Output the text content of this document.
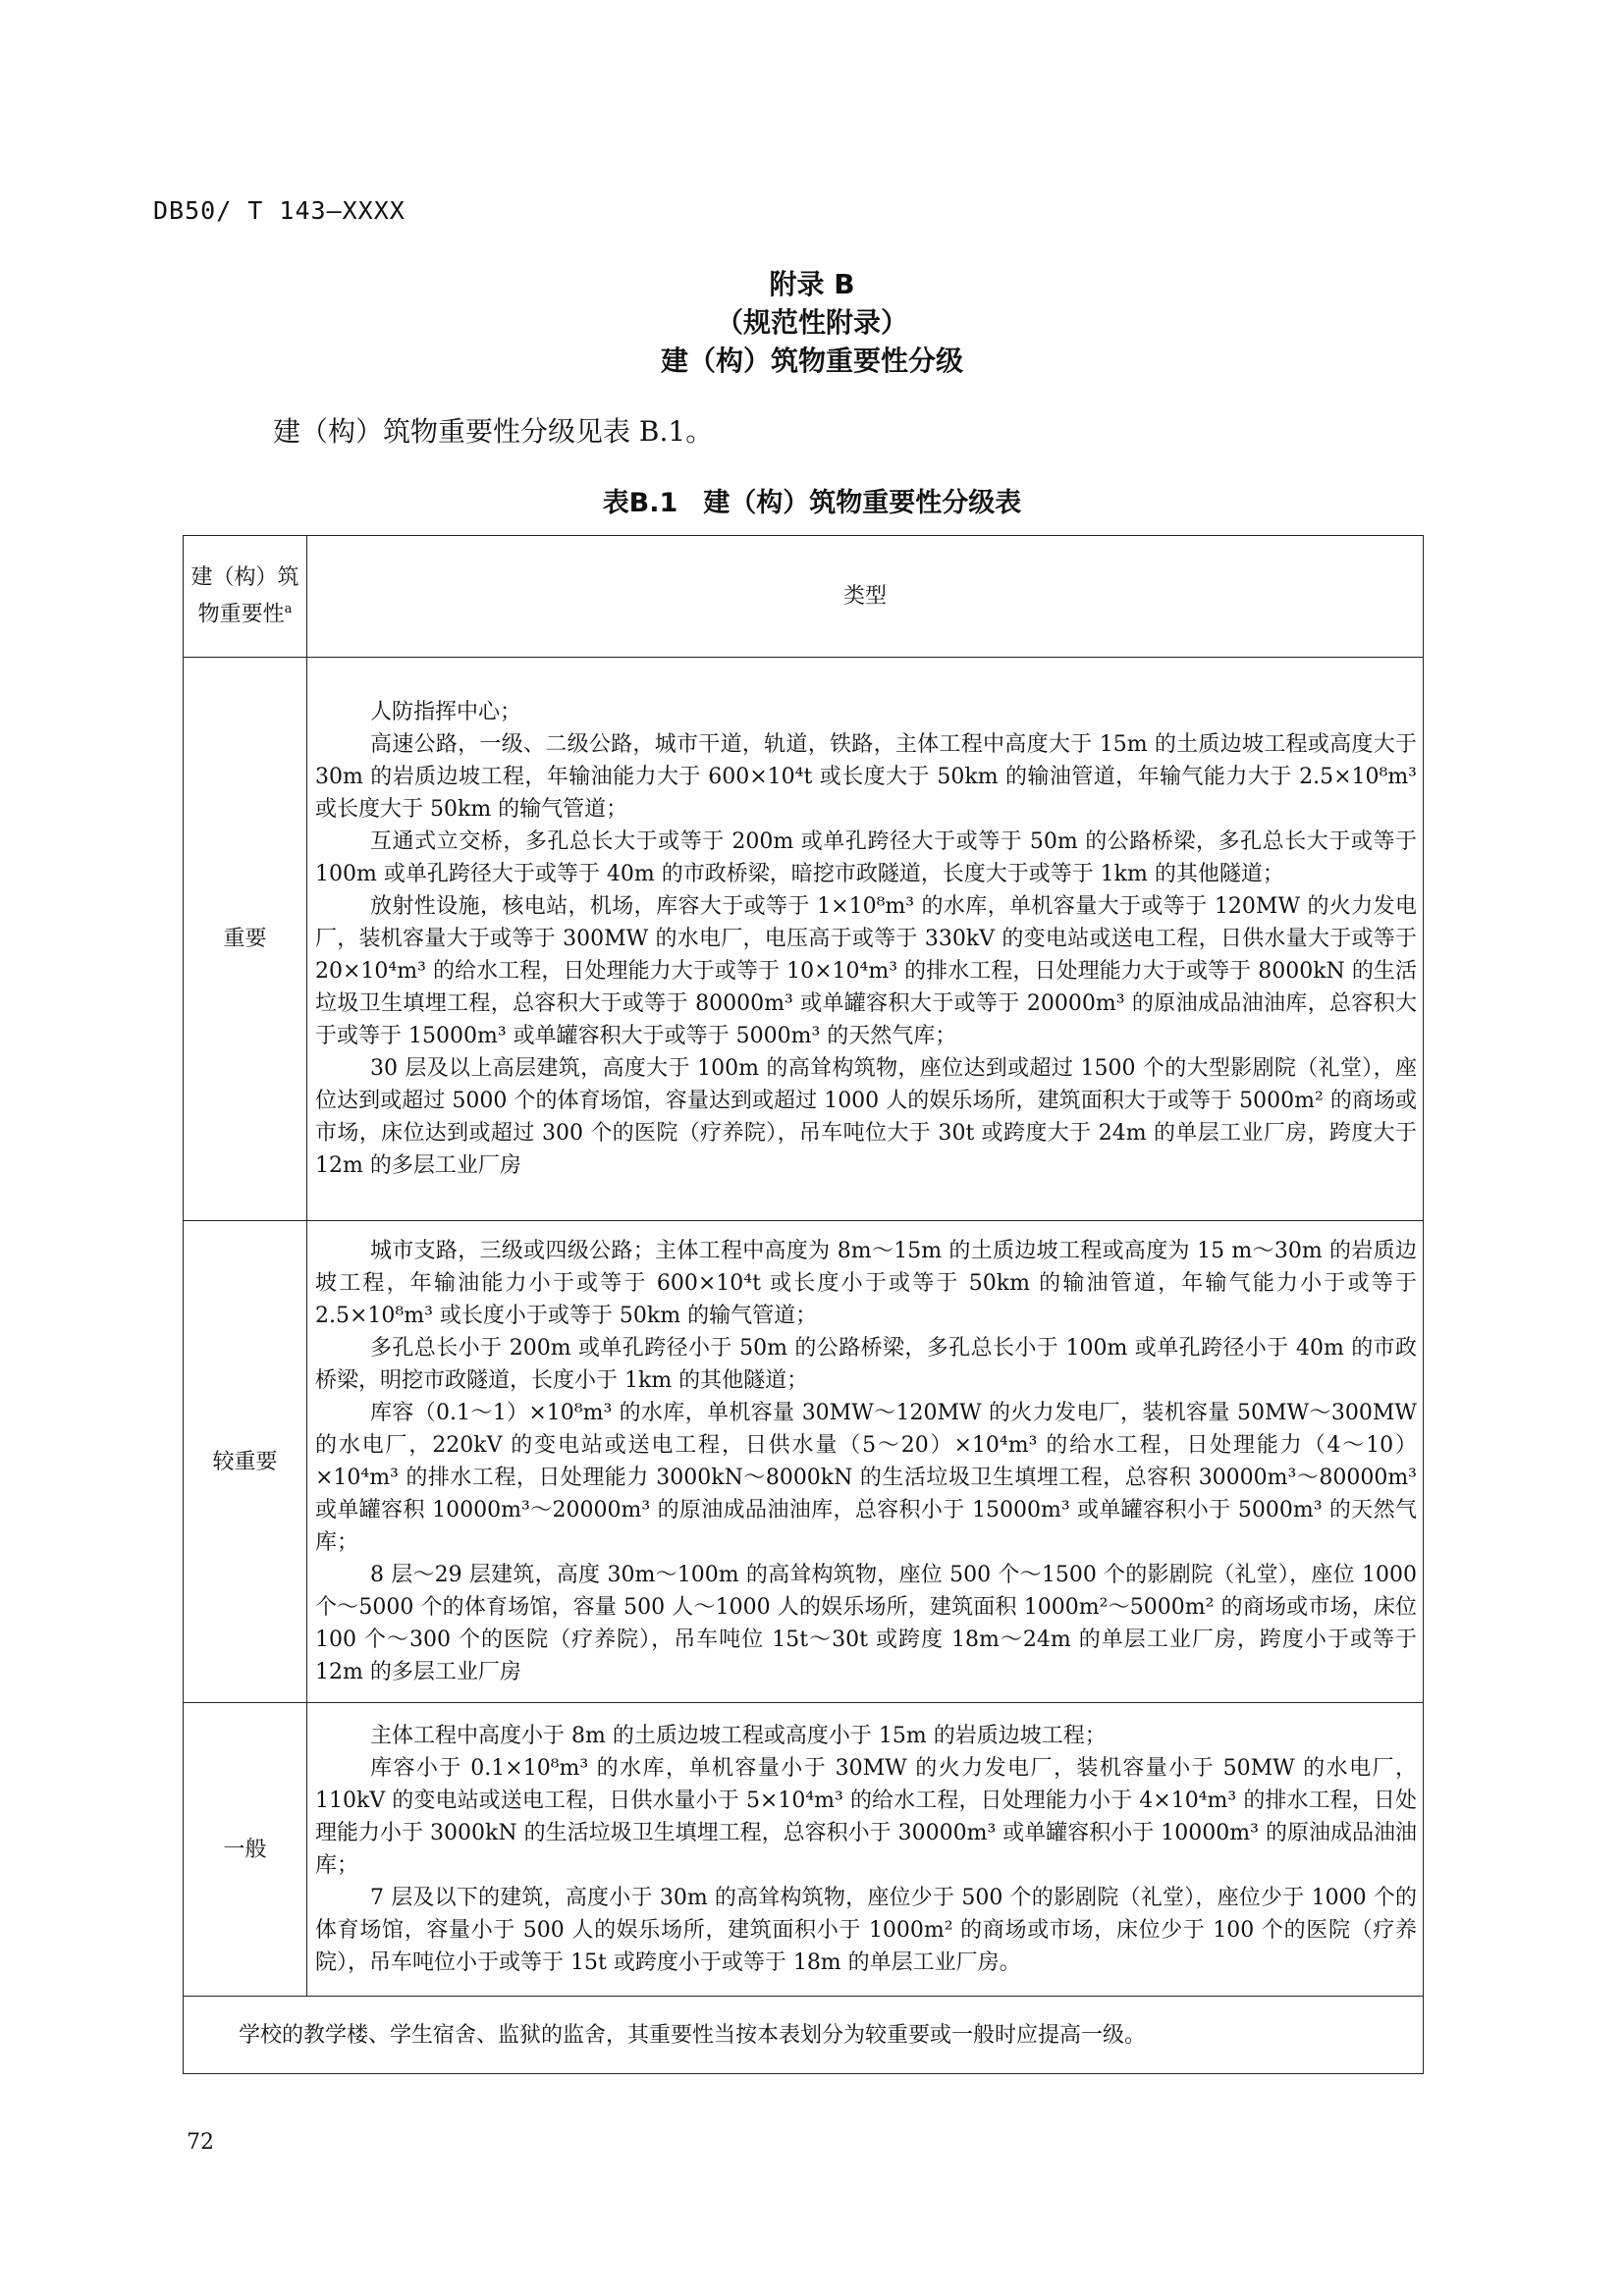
DB50/ T 143—XXXX
附录 B
（规范性附录）
建（构）筑物重要性分级
建（构）筑物重要性分级见表 B.1。
表B.1 建（构）筑物重要性分级表
建（构）筑物重要性$^a$	类型
重要	人防指挥中心；

高速公路，一级、二级公路，城市干道，轨道，铁路，主体工程中高度大于 15m 的土质边坡工程或高度大于 30m 的岩质边坡工程，年输油能力大于 600×10⁴t 或长度大于 50km 的输油管道，年输气能力大于 2.5×10⁸m³ 或长度大于 50km 的输气管道；

互通式立交桥，多孔总长大于或等于 200m 或单孔跨径大于或等于 50m 的公路桥梁，多孔总长大于或等于 100m 或单孔跨径大于或等于 40m 的市政桥梁，暗挖市政隧道，长度大于或等于 1km 的其他隧道；

放射性设施，核电站，机场，库容大于或等于 1×10⁸m³ 的水库，单机容量大于或等于 120MW 的火力发电厂，装机容量大于或等于 300MW 的水电厂，电压高于或等于 330kV 的变电站或送电工程，日供水量大于或等于 20×10⁴m³ 的给水工程，日处理能力大于或等于 10×10⁴m³ 的排水工程，日处理能力大于或等于 8000kN 的生活垃圾卫生填埋工程，总容积大于或等于 80000m³ 或单罐容积大于或等于 20000m³ 的原油成品油油库，总容积大于或等于 15000m³ 或单罐容积大于或等于 5000m³ 的天然气库；

30 层及以上高层建筑，高度大于 100m 的高耸构筑物，座位达到或超过 1500 个的大型影剧院（礼堂），座位达到或超过 5000 个的体育场馆，容量达到或超过 1000 人的娱乐场所，建筑面积大于或等于 5000m² 的商场或市场，床位达到或超过 300 个的医院（疗养院），吊车吨位大于 30t 或跨度大于 24m 的单层工业厂房，跨度大于 12m 的多层工业厂房

较重要	城市支路，三级或四级公路；主体工程中高度为 8m～15m 的土质边坡工程或高度为 15 m～30m 的岩质边坡工程，年输油能力小于或等于 600×10⁴t 或长度小于或等于 50km 的输油管道，年输气能力小于或等于 2.5×10⁸m³ 或长度小于或等于 50km 的输气管道；

多孔总长小于 200m 或单孔跨径小于 50m 的公路桥梁，多孔总长小于 100m 或单孔跨径小于 40m 的市政桥梁，明挖市政隧道，长度小于 1km 的其他隧道；

库容（0.1～1）×10⁸m³ 的水库，单机容量 30MW～120MW 的火力发电厂，装机容量 50MW～300MW 的水电厂，220kV 的变电站或送电工程，日供水量（5～20）×10⁴m³ 的给水工程，日处理能力（4～10）×10⁴m³ 的排水工程，日处理能力 3000kN～8000kN 的生活垃圾卫生填埋工程，总容积 30000m³～80000m³ 或单罐容积 10000m³～20000m³ 的原油成品油油库，总容积小于 15000m³ 或单罐容积小于 5000m³ 的天然气库；

8 层～29 层建筑，高度 30m～100m 的高耸构筑物，座位 500 个～1500 个的影剧院（礼堂），座位 1000 个～5000 个的体育场馆，容量 500 人～1000 人的娱乐场所，建筑面积 1000m²～5000m² 的商场或市场，床位 100 个～300 个的医院（疗养院），吊车吨位 15t～30t 或跨度 18m～24m 的单层工业厂房，跨度小于或等于 12m 的多层工业厂房

一般	主体工程中高度小于 8m 的土质边坡工程或高度小于 15m 的岩质边坡工程；

库容小于 0.1×10⁸m³ 的水库，单机容量小于 30MW 的火力发电厂，装机容量小于 50MW 的水电厂，110kV 的变电站或送电工程，日供水量小于 5×10⁴m³ 的给水工程，日处理能力小于 4×10⁴m³ 的排水工程，日处理能力小于 3000kN 的生活垃圾卫生填埋工程，总容积小于 30000m³ 或单罐容积小于 10000m³ 的原油成品油油库；

7 层及以下的建筑，高度小于 30m 的高耸构筑物，座位少于 500 个的影剧院（礼堂），座位少于 1000 个的体育场馆，容量小于 500 人的娱乐场所，建筑面积小于 1000m² 的商场或市场，床位少于 100 个的医院（疗养院），吊车吨位小于或等于 15t 或跨度小于或等于 18m 的单层工业厂房。

学校的教学楼、学生宿舍、监狱的监舍，其重要性当按本表划分为较重要或一般时应提高一级。	
72
